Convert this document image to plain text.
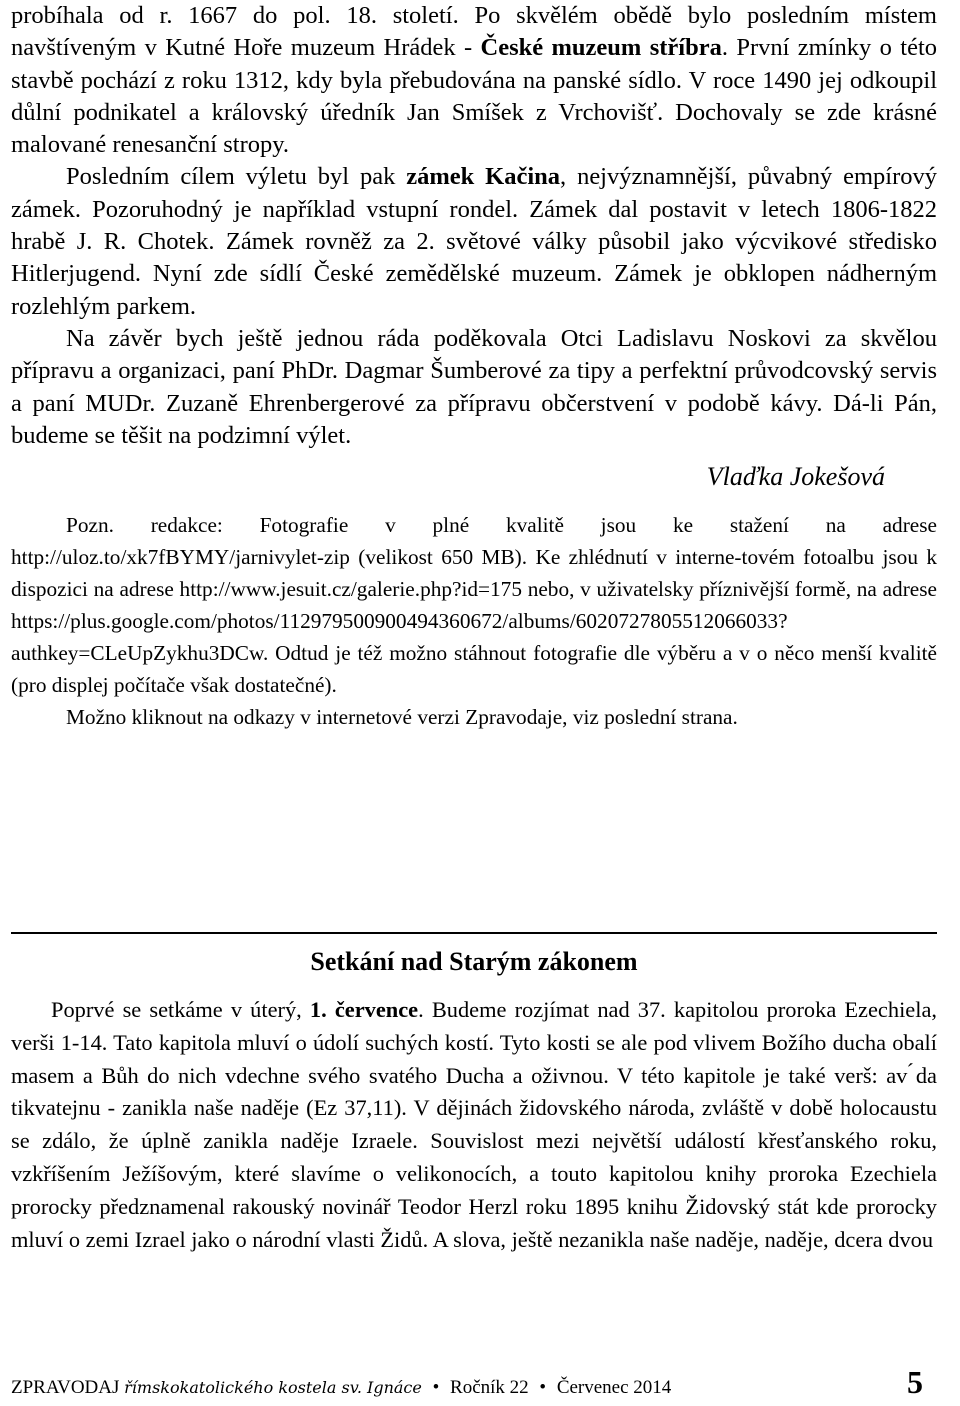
probíhala od r. 1667 do pol. 18. století. Po skvělém obědě bylo posledním místem navštíveným v Kutné Hoře muzeum Hrádek - České muzeum stříbra. První zmínky o této stavbě pochází z roku 1312, kdy byla přebudována na panské sídlo. V roce 1490 jej odkoupil důlní podnikatel a královský úředník Jan Smíšek z Vrchovišť. Dochovaly se zde krásné malované renesanční stropy.

Posledním cílem výletu byl pak zámek Kačina, nejvýznamnější, půvabný empírový zámek. Pozoruhodný je například vstupní rondel. Zámek dal postavit v letech 1806-1822 hrabě J. R. Chotek. Zámek rovněž za 2. světové války působil jako výcvikové středisko Hitlerjugend. Nyní zde sídlí České zemědělské muzeum. Zámek je obklopen nádherným rozlehlým parkem.

Na závěr bych ještě jednou ráda poděkovala Otci Ladislavu Noskovi za skvělou přípravu a organizaci, paní PhDr. Dagmar Šumberové za tipy a perfektní průvodcovský servis a paní MUDr. Zuzaně Ehrenbergerové za přípravu občerstvení v podobě kávy. Dá-li Pán, budeme se těšit na podzimní výlet.

Vlaďka Jokešová

Pozn. redakce: Fotografie v plné kvalitě jsou ke stažení na adrese http://uloz.to/xk7fBYMY/jarnivylet-zip (velikost 650 MB). Ke zhlédnutí v interne-tovém fotoalbu jsou k dispozici na adrese http://www.jesuit.cz/galerie.php?id=175 nebo, v uživatelsky příznivější formě, na adrese https://plus.google.com/photos/112979500900494360672/albums/6020727805512066033?authkey=CLeUpZykhu3DCw. Odtud je též možno stáhnout fotografie dle výběru a v o něco menší kvalitě (pro displej počítače však dostatečné).

Možno kliknout na odkazy v internetové verzi Zpravodaje, viz poslední strana.

Setkání nad Starým zákonem

Poprvé se setkáme v úterý, 1. července. Budeme rozjímat nad 37. kapitolou proroka Ezechiela, verši 1-14. Tato kapitola mluví o údolí suchých kostí. Tyto kosti se ale pod vlivem Božího ducha obalí masem a Bůh do nich vdechne svého svatého Ducha a oživnou. V této kapitole je také verš: av ́da tikvatejnu - zanikla naše naděje (Ez 37,11). V dějinách židovského národa, zvláště v době holocaustu se zdálo, že úplně zanikla naděje Izraele. Souvislost mezi největší událostí křesťanského roku, vzkříšením Ježíšovým, které slavíme o velikonocích, a touto kapitolou knihy proroka Ezechiela prorocky předznamenal rakouský novinář Teodor Herzl roku 1895 knihu Židovský stát kde prorocky mluví o zemi Izrael jako o národní vlasti Židů. A slova, ještě nezanikla naše naděje, naděje, dcera dvou

ZPRAVODAJ římskokatolického kostela sv. Ignáce • Ročník 22 • Červenec 2014	5
